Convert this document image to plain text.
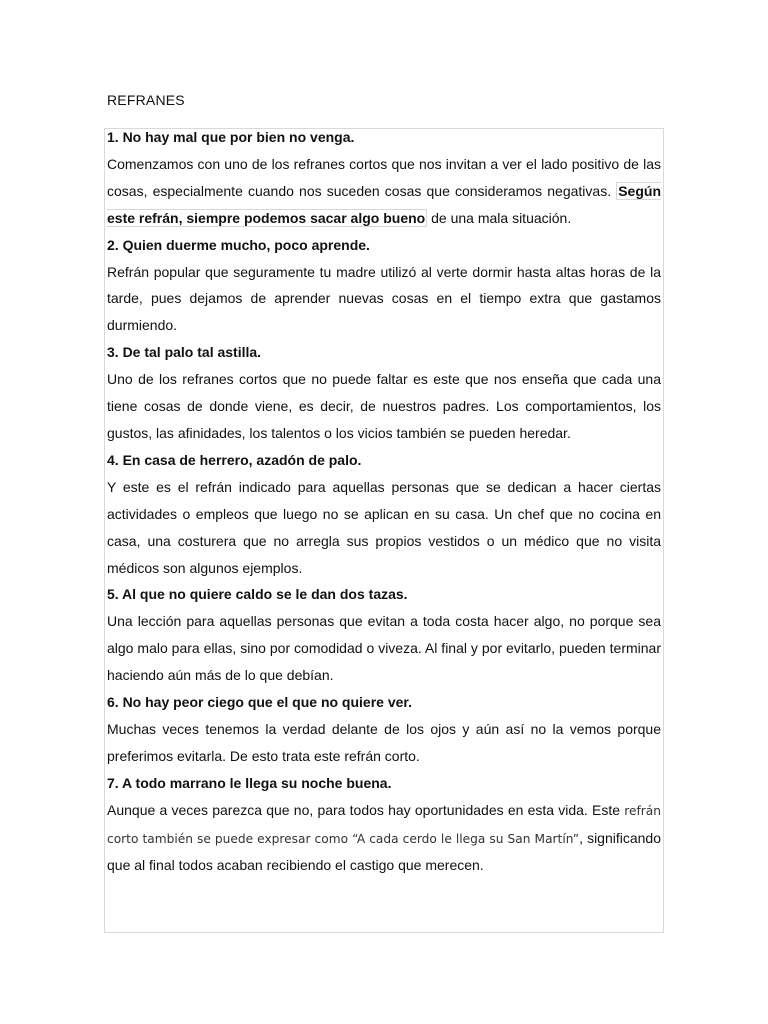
REFRANES

1. No hay mal que por bien no venga.

Comenzamos con uno de los refranes cortos que nos invitan a ver el lado positivo de las cosas, especialmente cuando nos suceden cosas que consideramos negativas. Según este refrán, siempre podemos sacar algo bueno de una mala situación.

2. Quien duerme mucho, poco aprende.

Refrán popular que seguramente tu madre utilizó al verte dormir hasta altas horas de la tarde, pues dejamos de aprender nuevas cosas en el tiempo extra que gastamos durmiendo.

3. De tal palo tal astilla.

Uno de los refranes cortos que no puede faltar es este que nos enseña que cada una tiene cosas de donde viene, es decir, de nuestros padres. Los comportamientos, los gustos, las afinidades, los talentos o los vicios también se pueden heredar.

4. En casa de herrero, azadón de palo.

Y este es el refrán indicado para aquellas personas que se dedican a hacer ciertas actividades o empleos que luego no se aplican en su casa. Un chef que no cocina en casa, una costurera que no arregla sus propios vestidos o un médico que no visita médicos son algunos ejemplos.

5. Al que no quiere caldo se le dan dos tazas.

Una lección para aquellas personas que evitan a toda costa hacer algo, no porque sea algo malo para ellas, sino por comodidad o viveza. Al final y por evitarlo, pueden terminar haciendo aún más de lo que debían.

6. No hay peor ciego que el que no quiere ver.

Muchas veces tenemos la verdad delante de los ojos y aún así no la vemos porque preferimos evitarla. De esto trata este refrán corto.

7. A todo marrano le llega su noche buena.

Aunque a veces parezca que no, para todos hay oportunidades en esta vida. Este refrán corto también se puede expresar como “A cada cerdo le llega su San Martín”, significando que al final todos acaban recibiendo el castigo que merecen.
